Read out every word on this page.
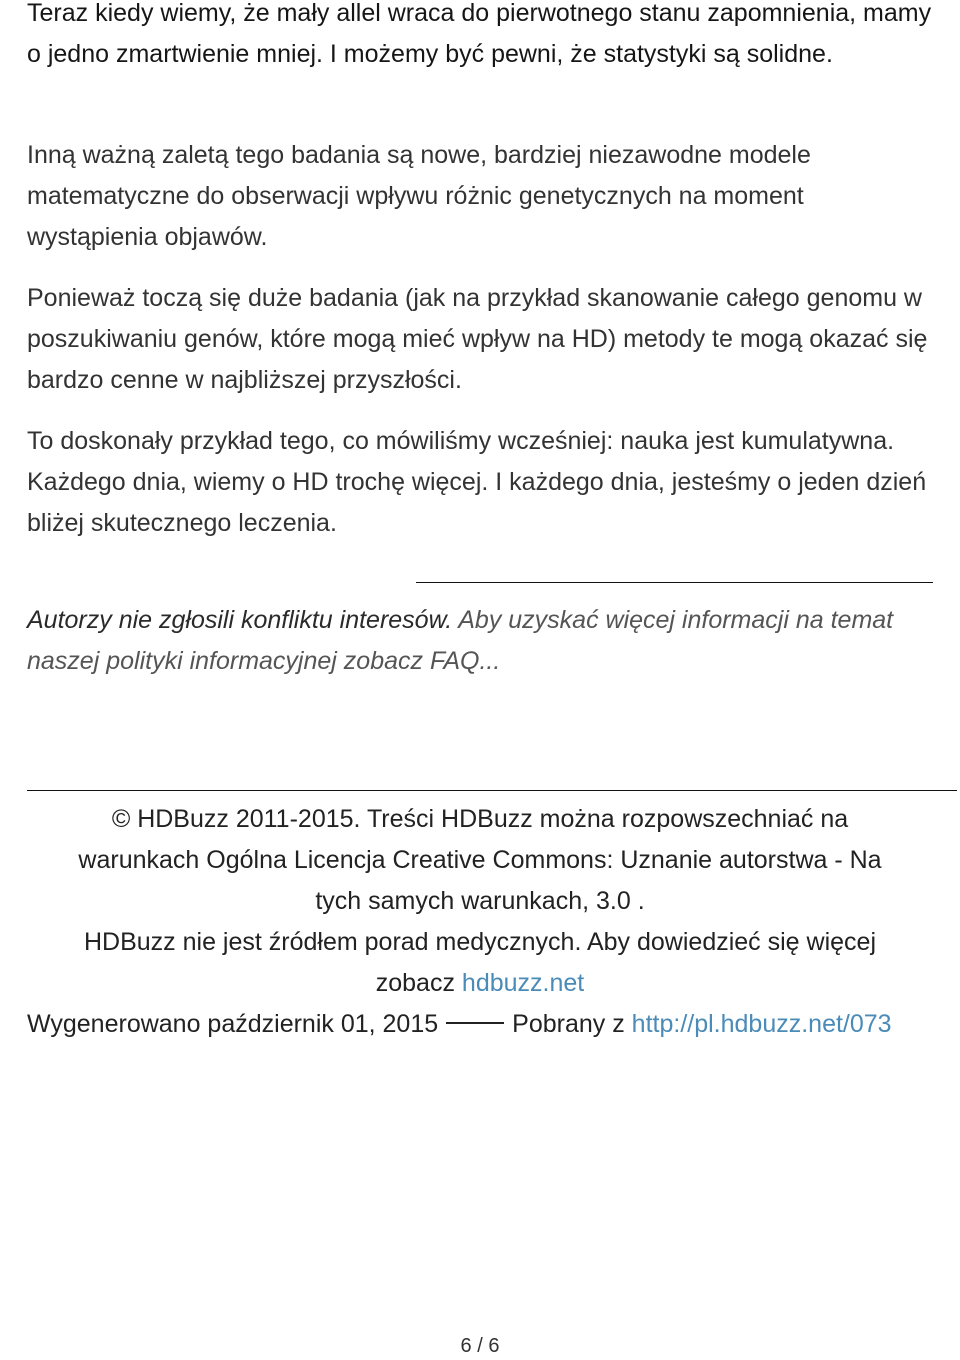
Teraz kiedy wiemy, że mały allel wraca do pierwotnego stanu zapomnienia, mamy o jedno zmartwienie mniej. I możemy być pewni, że statystyki są solidne.

Inną ważną zaletą tego badania są nowe, bardziej niezawodne modele matematyczne do obserwacji wpływu różnic genetycznych na moment wystąpienia objawów.

Ponieważ toczą się duże badania (jak na przykład skanowanie całego genomu w poszukiwaniu genów, które mogą mieć wpływ na HD) metody te mogą okazać się bardzo cenne w najbliższej przyszłości.

To doskonały przykład tego, co mówiliśmy wcześniej: nauka jest kumulatywna. Każdego dnia, wiemy o HD trochę więcej. I każdego dnia, jesteśmy o jeden dzień bliżej skutecznego leczenia.

Autorzy nie zgłosili konfliktu interesów. Aby uzyskać więcej informacji na temat naszej polityki informacyjnej zobacz FAQ...

© HDBuzz 2011-2015. Treści HDBuzz można rozpowszechniać na
warunkach Ogólna Licencja Creative Commons: Uznanie autorstwa - Na
tych samych warunkach, 3.0 .
HDBuzz nie jest źródłem porad medycznych. Aby dowiedzieć się więcej
zobacz hdbuzz.net
Wygenerowano październik 01, 2015	Pobrany z http://pl.hdbuzz.net/073
6 / 6
